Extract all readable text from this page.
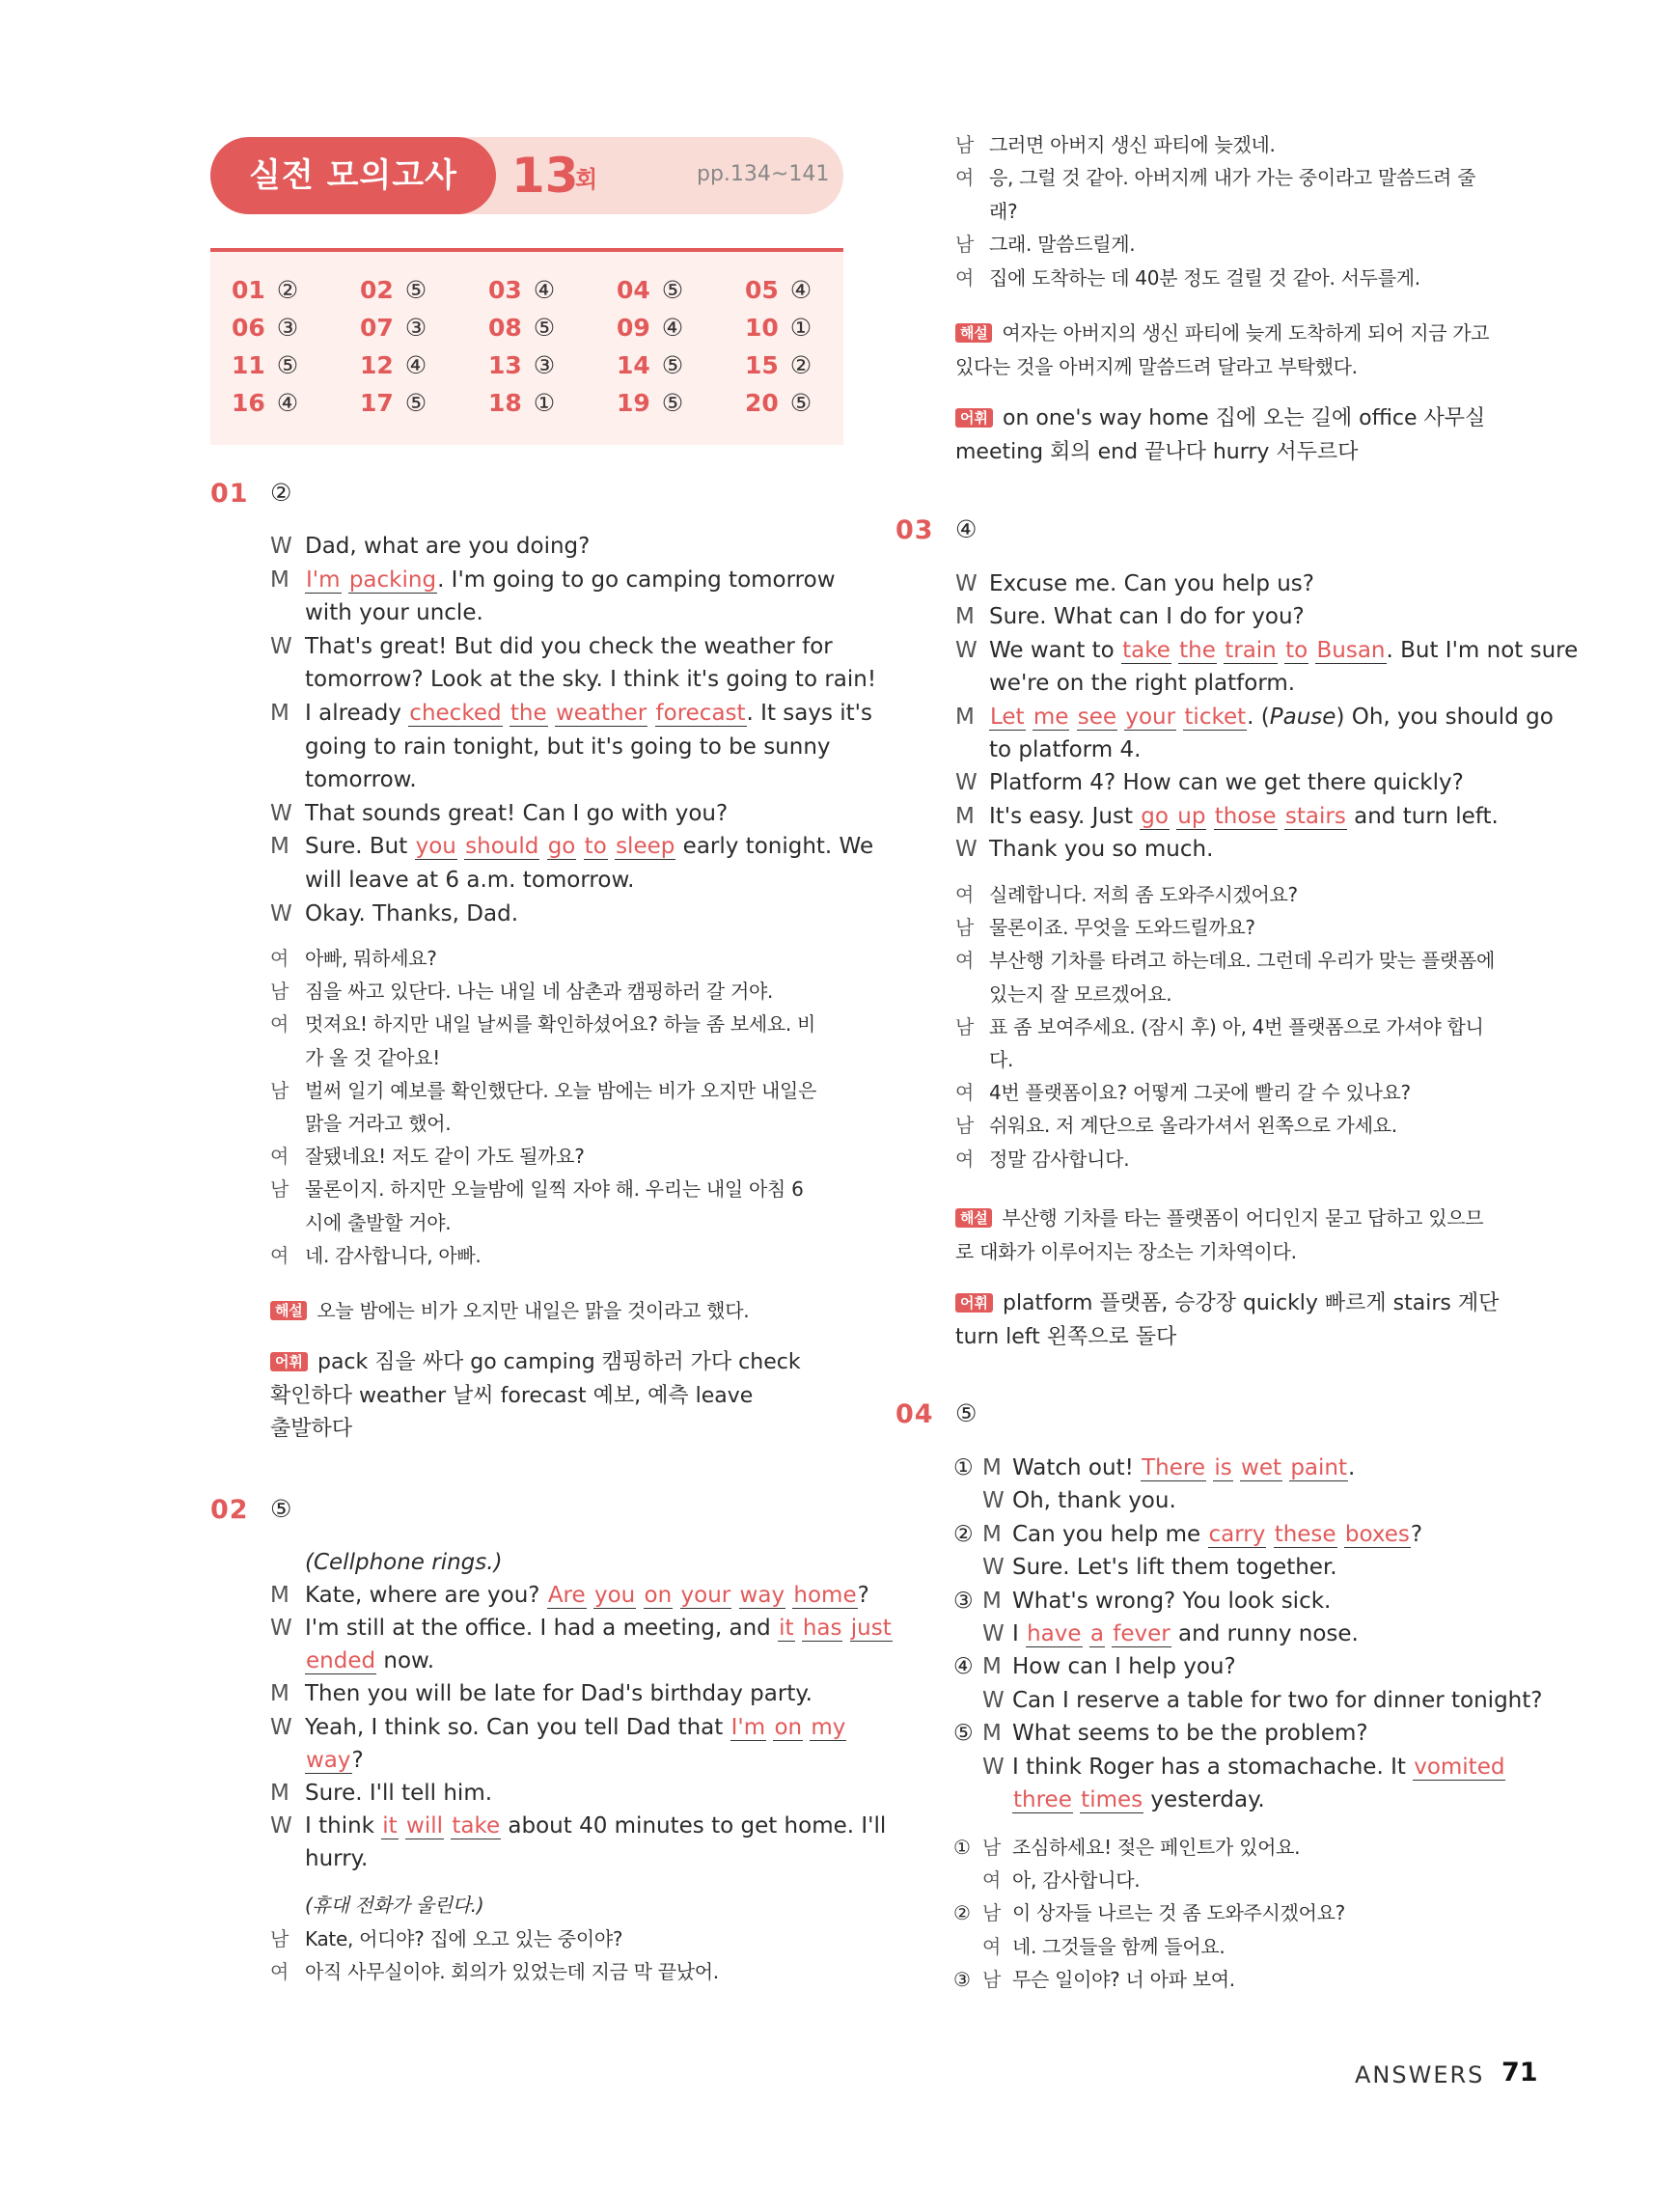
실전 모의고사	13
회	pp.134~141
01 ②	02 ⑤	03 ④	04 ⑤	05 ④
06 ③	07 ③	08 ⑤	09 ④	10 ①
11 ⑤	12 ④	13 ③	14 ⑤	15 ②
16 ④	17 ⑤	18 ①	19 ⑤	20 ⑤
01 ②
W Dad, what are you doing?
M I'm packing. I'm going to go camping tomorrow
with your uncle.
W That's great! But did you check the weather for
tomorrow? Look at the sky. I think it's going to rain!
M I already checked the weather forecast. It says it's
going to rain tonight, but it's going to be sunny
tomorrow.
W That sounds great! Can I go with you?
M Sure. But you should go to sleep early tonight. We
will leave at 6 a.m. tomorrow.
W Okay. Thanks, Dad.
여 아빠, 뭐하세요?
남 짐을 싸고 있단다. 나는 내일 네 삼촌과 캠핑하러 갈 거야.
여 멋져요! 하지만 내일 날씨를 확인하셨어요? 하늘 좀 보세요. 비
가 올 것 같아요!
남 벌써 일기 예보를 확인했단다. 오늘 밤에는 비가 오지만 내일은
맑을 거라고 했어.
여 잘됐네요! 저도 같이 가도 될까요?
남 물론이지. 하지만 오늘밤에 일찍 자야 해. 우리는 내일 아침 6
시에 출발할 거야.
여 네. 감사합니다, 아빠.
해설 오늘 밤에는 비가 오지만 내일은 맑을 것이라고 했다.
어휘 pack 짐을 싸다 go camping 캠핑하러 가다 check
확인하다 weather 날씨 forecast 예보, 예측 leave
출발하다
02 ⑤
(Cellphone rings.)
M Kate, where are you? Are you on your way home?
W I'm still at the office. I had a meeting, and it has just
ended now.
M Then you will be late for Dad's birthday party.
W Yeah, I think so. Can you tell Dad that I'm on my
way?
M Sure. I'll tell him.
W I think it will take about 40 minutes to get home. I'll
hurry.
(휴대 전화가 울린다.)
남 Kate, 어디야? 집에 오고 있는 중이야?
여 아직 사무실이야. 회의가 있었는데 지금 막 끝났어.
남 그러면 아버지 생신 파티에 늦겠네.
여 응, 그럴 것 같아. 아버지께 내가 가는 중이라고 말씀드려 줄
래?
남 그래. 말씀드릴게.
여 집에 도착하는 데 40분 정도 걸릴 것 같아. 서두를게.
해설 여자는 아버지의 생신 파티에 늦게 도착하게 되어 지금 가고
있다는 것을 아버지께 말씀드려 달라고 부탁했다.
어휘 on one's way home 집에 오는 길에 office 사무실
meeting 회의 end 끝나다 hurry 서두르다
03 ④
W Excuse me. Can you help us?
M Sure. What can I do for you?
W We want to take the train to Busan. But I'm not sure
we're on the right platform.
M Let me see your ticket. (Pause) Oh, you should go
to platform 4.
W Platform 4? How can we get there quickly?
M It's easy. Just go up those stairs and turn left.
W Thank you so much.
여 실례합니다. 저희 좀 도와주시겠어요?
남 물론이죠. 무엇을 도와드릴까요?
여 부산행 기차를 타려고 하는데요. 그런데 우리가 맞는 플랫폼에
있는지 잘 모르겠어요.
남 표 좀 보여주세요. (잠시 후) 아, 4번 플랫폼으로 가셔야 합니
다.
여 4번 플랫폼이요? 어떻게 그곳에 빨리 갈 수 있나요?
남 쉬워요. 저 계단으로 올라가셔서 왼쪽으로 가세요.
여 정말 감사합니다.
해설 부산행 기차를 타는 플랫폼이 어디인지 묻고 답하고 있으므
로 대화가 이루어지는 장소는 기차역이다.
어휘 platform 플랫폼, 승강장 quickly 빠르게 stairs 계단
turn left 왼쪽으로 돌다
04 ⑤
① M Watch out! There is wet paint.
W Oh, thank you.
② M Can you help me carry these boxes?
W Sure. Let's lift them together.
③ M What's wrong? You look sick.
W I have a fever and runny nose.
④ M How can I help you?
W Can I reserve a table for two for dinner tonight?
⑤ M What seems to be the problem?
W I think Roger has a stomachache. It vomited
three times yesterday.
① 남 조심하세요! 젖은 페인트가 있어요.
여 아, 감사합니다.
② 남 이 상자들 나르는 것 좀 도와주시겠어요?
여 네. 그것들을 함께 들어요.
③ 남 무슨 일이야? 너 아파 보여.
ANSWERS 71
